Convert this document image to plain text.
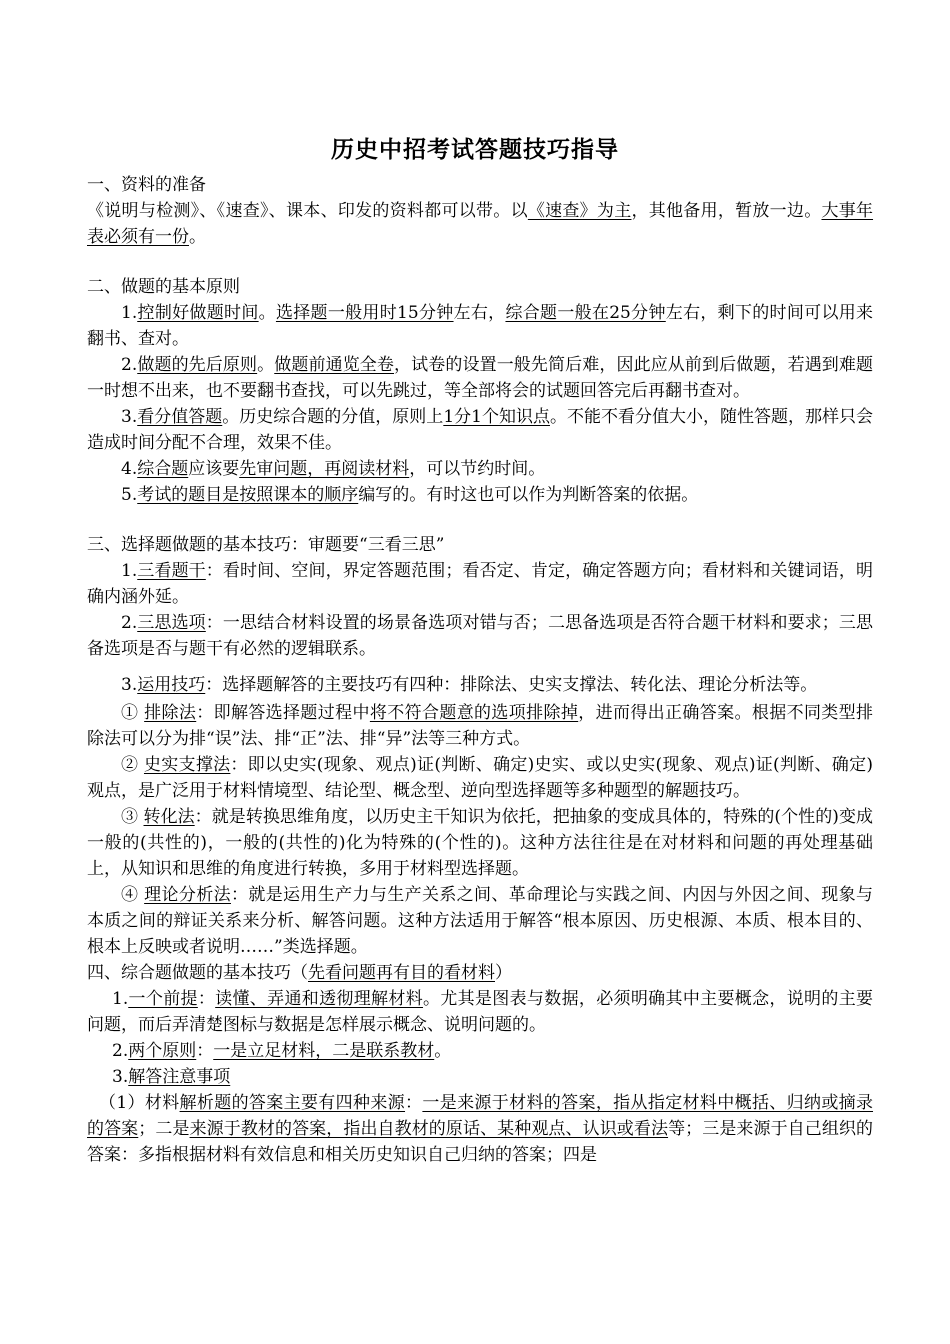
历史中招考试答题技巧指导

一、资料的准备

《说明与检测》、《速查》、课本、印发的资料都可以带。以《速查》为主，其他备用，暂放一边。大事年表必须有一份。

二、做题的基本原则

1.控制好做题时间。选择题一般用时15分钟左右，综合题一般在25分钟左右，剩下的时间可以用来翻书、查对。

2.做题的先后原则。做题前通览全卷，试卷的设置一般先简后难，因此应从前到后做题，若遇到难题一时想不出来，也不要翻书查找，可以先跳过，等全部将会的试题回答完后再翻书查对。

3.看分值答题。历史综合题的分值，原则上1分1个知识点。不能不看分值大小，随性答题，那样只会造成时间分配不合理，效果不佳。

4.综合题应该要先审问题，再阅读材料，可以节约时间。

5.考试的题目是按照课本的顺序编写的。有时这也可以作为判断答案的依据。

三、选择题做题的基本技巧：审题要“三看三思”

1.三看题干：看时间、空间，界定答题范围；看否定、肯定，确定答题方向；看材料和关键词语，明确内涵外延。

2.三思选项：一思结合材料设置的场景备选项对错与否；二思备选项是否符合题干材料和要求；三思备选项是否与题干有必然的逻辑联系。

3.运用技巧：选择题解答的主要技巧有四种：排除法、史实支撑法、转化法、理论分析法等。

① 排除法：即解答选择题过程中将不符合题意的选项排除掉，进而得出正确答案。根据不同类型排除法可以分为排“误”法、排“正”法、排“异”法等三种方式。

② 史实支撑法：即以史实(现象、观点)证(判断、确定)史实、或以史实(现象、观点)证(判断、确定)观点，是广泛用于材料情境型、结论型、概念型、逆向型选择题等多种题型的解题技巧。

③ 转化法：就是转换思维角度，以历史主干知识为依托，把抽象的变成具体的，特殊的(个性的)变成一般的(共性的)，一般的(共性的)化为特殊的(个性的)。这种方法往往是在对材料和问题的再处理基础上，从知识和思维的角度进行转换，多用于材料型选择题。

④ 理论分析法：就是运用生产力与生产关系之间、革命理论与实践之间、内因与外因之间、现象与本质之间的辩证关系来分析、解答问题。这种方法适用于解答“根本原因、历史根源、本质、根本目的、根本上反映或者说明……”类选择题。

四、综合题做题的基本技巧（先看问题再有目的看材料）

1.一个前提：读懂、弄通和透彻理解材料。尤其是图表与数据，必须明确其中主要概念，说明的主要问题，而后弄清楚图标与数据是怎样展示概念、说明问题的。

2.两个原则：一是立足材料，二是联系教材。

3.解答注意事项

（1）材料解析题的答案主要有四种来源：一是来源于材料的答案，指从指定材料中概括、归纳或摘录的答案；二是来源于教材的答案，指出自教材的原话、某种观点、认识或看法等；三是来源于自己组织的答案：多指根据材料有效信息和相关历史知识自己归纳的答案；四是
